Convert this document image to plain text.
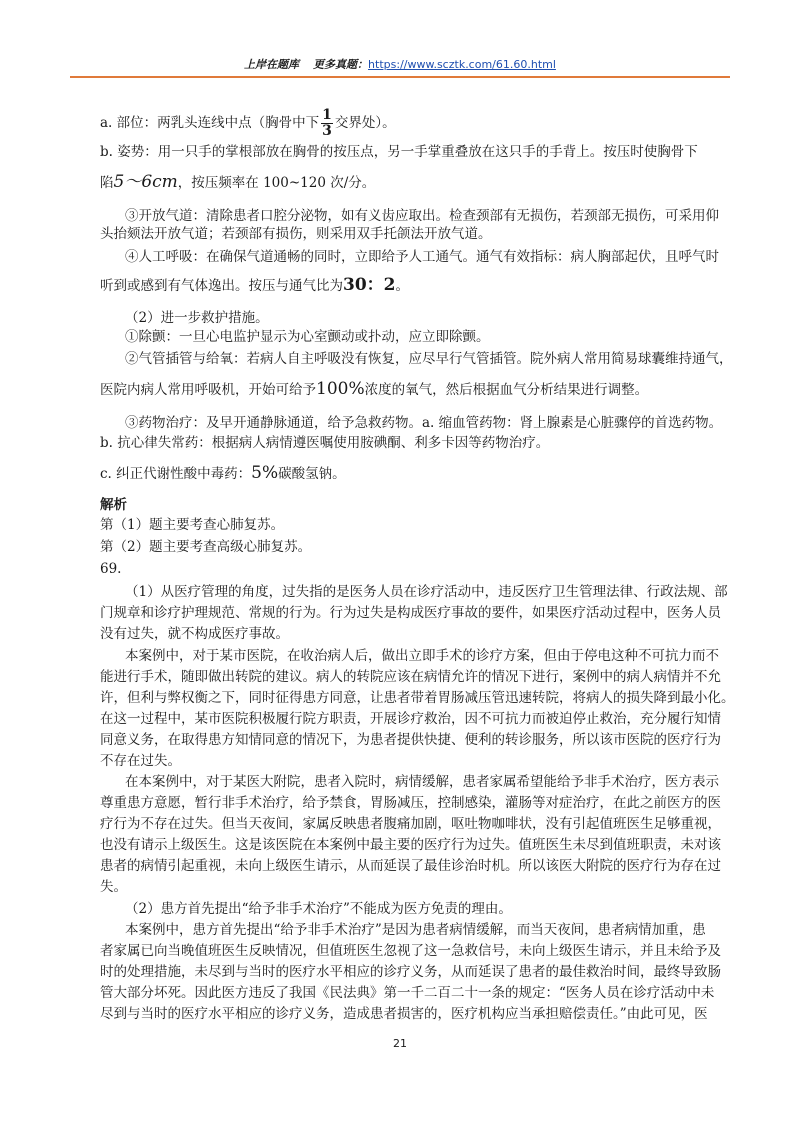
上岸在题库 更多真题：https://www.scztk.com/61.60.html
a. 部位：两乳头连线中点（胸骨中下 $\frac{1}{3}$ 交界处）。
b. 姿势：用一只手的掌根部放在胸骨的按压点，另一手掌重叠放在这只手的手背上。按压时使胸骨下
陷5～6cm，按压频率在 100~120 次/分。
③开放气道：清除患者口腔分泌物，如有义齿应取出。检查颈部有无损伤，若颈部无损伤，可采用仰
头抬颏法开放气道；若颈部有损伤，则采用双手托颌法开放气道。
④人工呼吸：在确保气道通畅的同时，立即给予人工通气。通气有效指标：病人胸部起伏，且呼气时
听到或感到有气体逸出。按压与通气比为30：2。
（2）进一步救护措施。
①除颤：一旦心电监护显示为心室颤动或扑动，应立即除颤。
②气管插管与给氧：若病人自主呼吸没有恢复，应尽早行气管插管。院外病人常用简易球囊维持通气，
医院内病人常用呼吸机，开始可给予100%浓度的氧气，然后根据血气分析结果进行调整。
③药物治疗：及早开通静脉通道，给予急救药物。a. 缩血管药物：肾上腺素是心脏骤停的首选药物。
b. 抗心律失常药：根据病人病情遵医嘱使用胺碘酮、利多卡因等药物治疗。
c. 纠正代谢性酸中毒药：5%碳酸氢钠。
解析
第（1）题主要考查心肺复苏。
第（2）题主要考查高级心肺复苏。
69.
（1）从医疗管理的角度，过失指的是医务人员在诊疗活动中，违反医疗卫生管理法律、行政法规、部
门规章和诊疗护理规范、常规的行为。行为过失是构成医疗事故的要件，如果医疗活动过程中，医务人员
没有过失，就不构成医疗事故。
本案例中，对于某市医院，在收治病人后，做出立即手术的诊疗方案，但由于停电这种不可抗力而不
能进行手术，随即做出转院的建议。病人的转院应该在病情允许的情况下进行，案例中的病人病情并不允
许，但利与弊权衡之下，同时征得患方同意，让患者带着胃肠减压管迅速转院，将病人的损失降到最小化。
在这一过程中，某市医院积极履行院方职责，开展诊疗救治，因不可抗力而被迫停止救治，充分履行知情
同意义务，在取得患方知情同意的情况下，为患者提供快捷、便利的转诊服务，所以该市医院的医疗行为
不存在过失。
在本案例中，对于某医大附院，患者入院时，病情缓解，患者家属希望能给予非手术治疗，医方表示
尊重患方意愿，暂行非手术治疗，给予禁食，胃肠减压，控制感染，灌肠等对症治疗，在此之前医方的医
疗行为不存在过失。但当天夜间，家属反映患者腹痛加剧，呕吐物咖啡状，没有引起值班医生足够重视，
也没有请示上级医生。这是该医院在本案例中最主要的医疗行为过失。值班医生未尽到值班职责，未对该
患者的病情引起重视，未向上级医生请示，从而延误了最佳诊治时机。所以该医大附院的医疗行为存在过
失。
（2）患方首先提出“给予非手术治疗”不能成为医方免责的理由。
本案例中，患方首先提出“给予非手术治疗”是因为患者病情缓解，而当天夜间，患者病情加重，患
者家属已向当晚值班医生反映情况，但值班医生忽视了这一急救信号，未向上级医生请示，并且未给予及
时的处理措施，未尽到与当时的医疗水平相应的诊疗义务，从而延误了患者的最佳救治时间，最终导致肠
管大部分坏死。因此医方违反了我国《民法典》第一千二百二十一条的规定：“医务人员在诊疗活动中未
尽到与当时的医疗水平相应的诊疗义务，造成患者损害的，医疗机构应当承担赔偿责任。”由此可见，医
21
